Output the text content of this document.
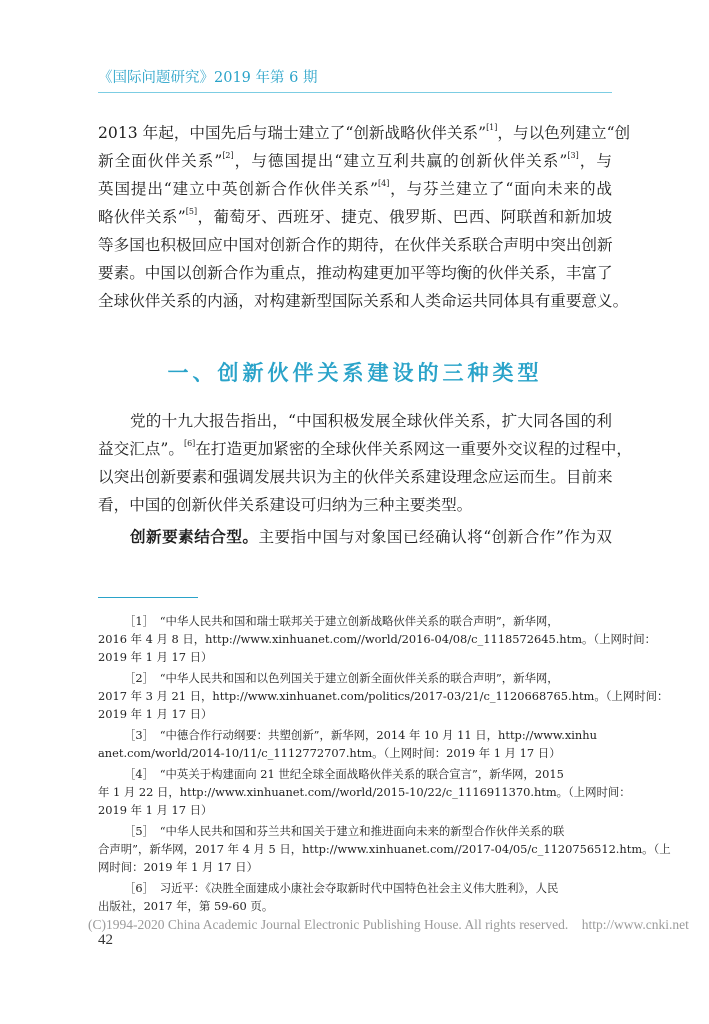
《国际问题研究》2019 年第 6 期
2013 年起，中国先后与瑞士建立了“创新战略伙伴关系”[1]，与以色列建立“创
新全面伙伴关系”[2]，与德国提出“建立互利共赢的创新伙伴关系”[3]，与
英国提出“建立中英创新合作伙伴关系”[4]，与芬兰建立了“面向未来的战
略伙伴关系”[5]，葡萄牙、西班牙、捷克、俄罗斯、巴西、阿联酋和新加坡
等多国也积极回应中国对创新合作的期待，在伙伴关系联合声明中突出创新
要素。中国以创新合作为重点，推动构建更加平等均衡的伙伴关系，丰富了
全球伙伴关系的内涵，对构建新型国际关系和人类命运共同体具有重要意义。
一、创新伙伴关系建设的三种类型
党的十九大报告指出，“中国积极发展全球伙伴关系，扩大同各国的利
益交汇点”。[6]在打造更加紧密的全球伙伴关系网这一重要外交议程的过程中，
以突出创新要素和强调发展共识为主的伙伴关系建设理念应运而生。目前来
看，中国的创新伙伴关系建设可归纳为三种主要类型。
创新要素结合型。主要指中国与对象国已经确认将“创新合作”作为双
［1］　“中华人民共和国和瑞士联邦关于建立创新战略伙伴关系的联合声明”，新华网，
2016 年 4 月 8 日，http://www.xinhuanet.com//world/2016-04/08/c_1118572645.htm。（上网时间：
2019 年 1 月 17 日）
［2］　“中华人民共和国和以色列国关于建立创新全面伙伴关系的联合声明”，新华网，
2017 年 3 月 21 日，http://www.xinhuanet.com/politics/2017-03/21/c_1120668765.htm。（上网时间：
2019 年 1 月 17 日）
［3］　“中德合作行动纲要：共塑创新”，新华网，2014 年 10 月 11 日，http://www.xinhu
anet.com/world/2014-10/11/c_1112772707.htm。（上网时间：2019 年 1 月 17 日）
［4］　“中英关于构建面向 21 世纪全球全面战略伙伴关系的联合宣言”，新华网，2015
年 1 月 22 日，http://www.xinhuanet.com//world/2015-10/22/c_1116911370.htm。（上网时间：
2019 年 1 月 17 日）
［5］　“中华人民共和国和芬兰共和国关于建立和推进面向未来的新型合作伙伴关系的联
合声明”，新华网，2017 年 4 月 5 日，http://www.xinhuanet.com//2017-04/05/c_1120756512.htm。（上
网时间：2019 年 1 月 17 日）
［6］　习近平：《决胜全面建成小康社会夺取新时代中国特色社会主义伟大胜利》，人民
出版社，2017 年，第 59-60 页。
(C)1994-2020 China Academic Journal Electronic Publishing House. All rights reserved.　http://www.cnki.net
42
